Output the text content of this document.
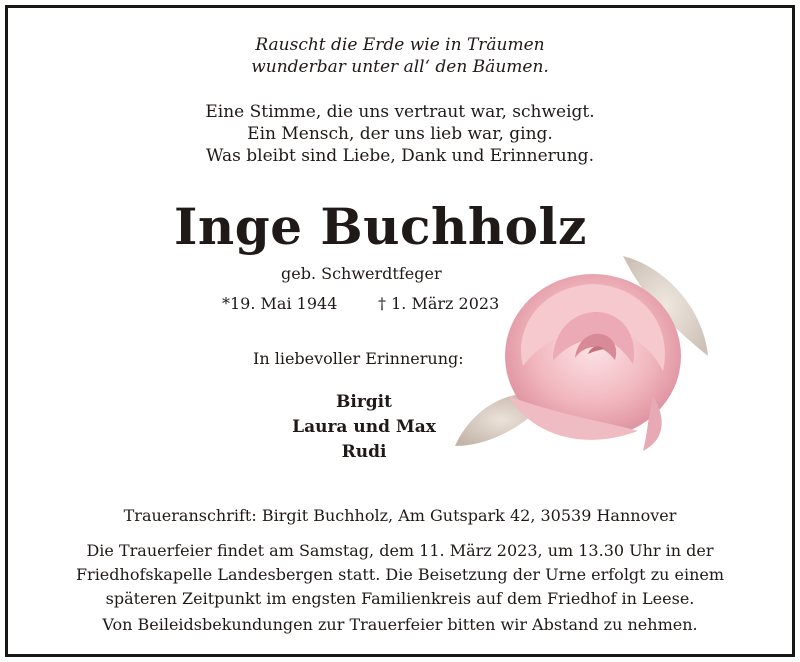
Rauscht die Erde wie in Träumen
wunderbar unter all‘ den Bäumen.
Eine Stimme, die uns vertraut war, schweigt.
Ein Mensch, der uns lieb war, ging.
Was bleibt sind Liebe, Dank und Erinnerung.
Inge Buchholz
geb. Schwerdtfeger
*19. Mai 1944	† 1. März 2023
In liebevoller Erinnerung:
Birgit
Laura und Max
Rudi
Traueranschrift: Birgit Buchholz, Am Gutspark 42, 30539 Hannover
Die Trauerfeier findet am Samstag, dem 11. März 2023, um 13.30 Uhr in der
Friedhofskapelle Landesbergen statt. Die Beisetzung der Urne erfolgt zu einem
späteren Zeitpunkt im engsten Familienkreis auf dem Friedhof in Leese.
Von Beileidsbekundungen zur Trauerfeier bitten wir Abstand zu nehmen.
